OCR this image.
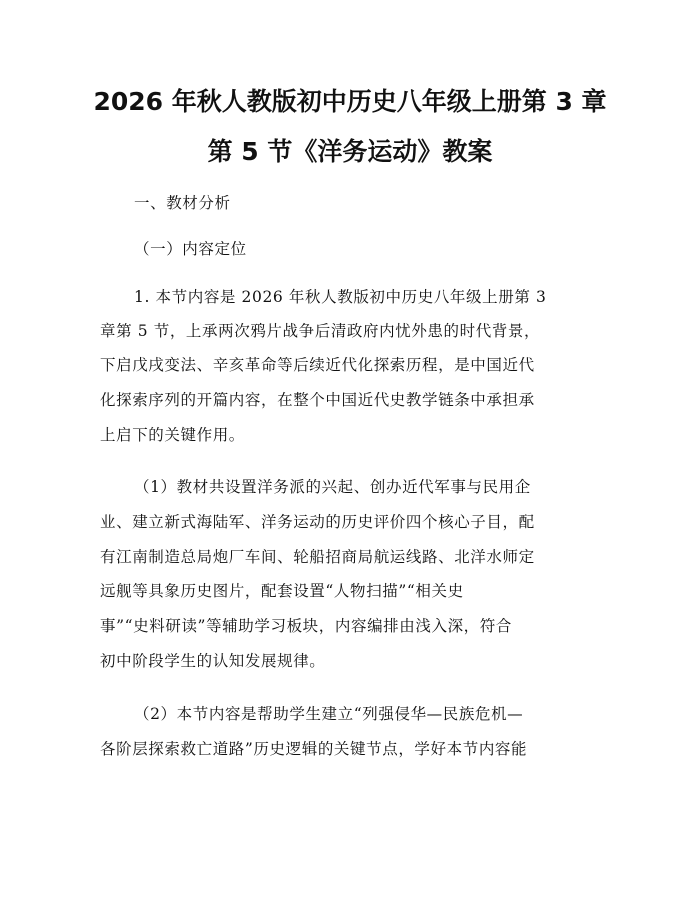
2026 年秋人教版初中历史八年级上册第 3 章
第 5 节《洋务运动》教案
一、教材分析
（一）内容定位
1. 本节内容是 2026 年秋人教版初中历史八年级上册第 3
章第 5 节，上承两次鸦片战争后清政府内忧外患的时代背景，
下启戊戌变法、辛亥革命等后续近代化探索历程，是中国近代
化探索序列的开篇内容，在整个中国近代史教学链条中承担承
上启下的关键作用。
（1）教材共设置洋务派的兴起、创办近代军事与民用企
业、建立新式海陆军、洋务运动的历史评价四个核心子目，配
有江南制造总局炮厂车间、轮船招商局航运线路、北洋水师定
远舰等具象历史图片，配套设置“人物扫描”“相关史
事”“史料研读”等辅助学习板块，内容编排由浅入深，符合
初中阶段学生的认知发展规律。
（2）本节内容是帮助学生建立“列强侵华—民族危机—
各阶层探索救亡道路”历史逻辑的关键节点，学好本节内容能
